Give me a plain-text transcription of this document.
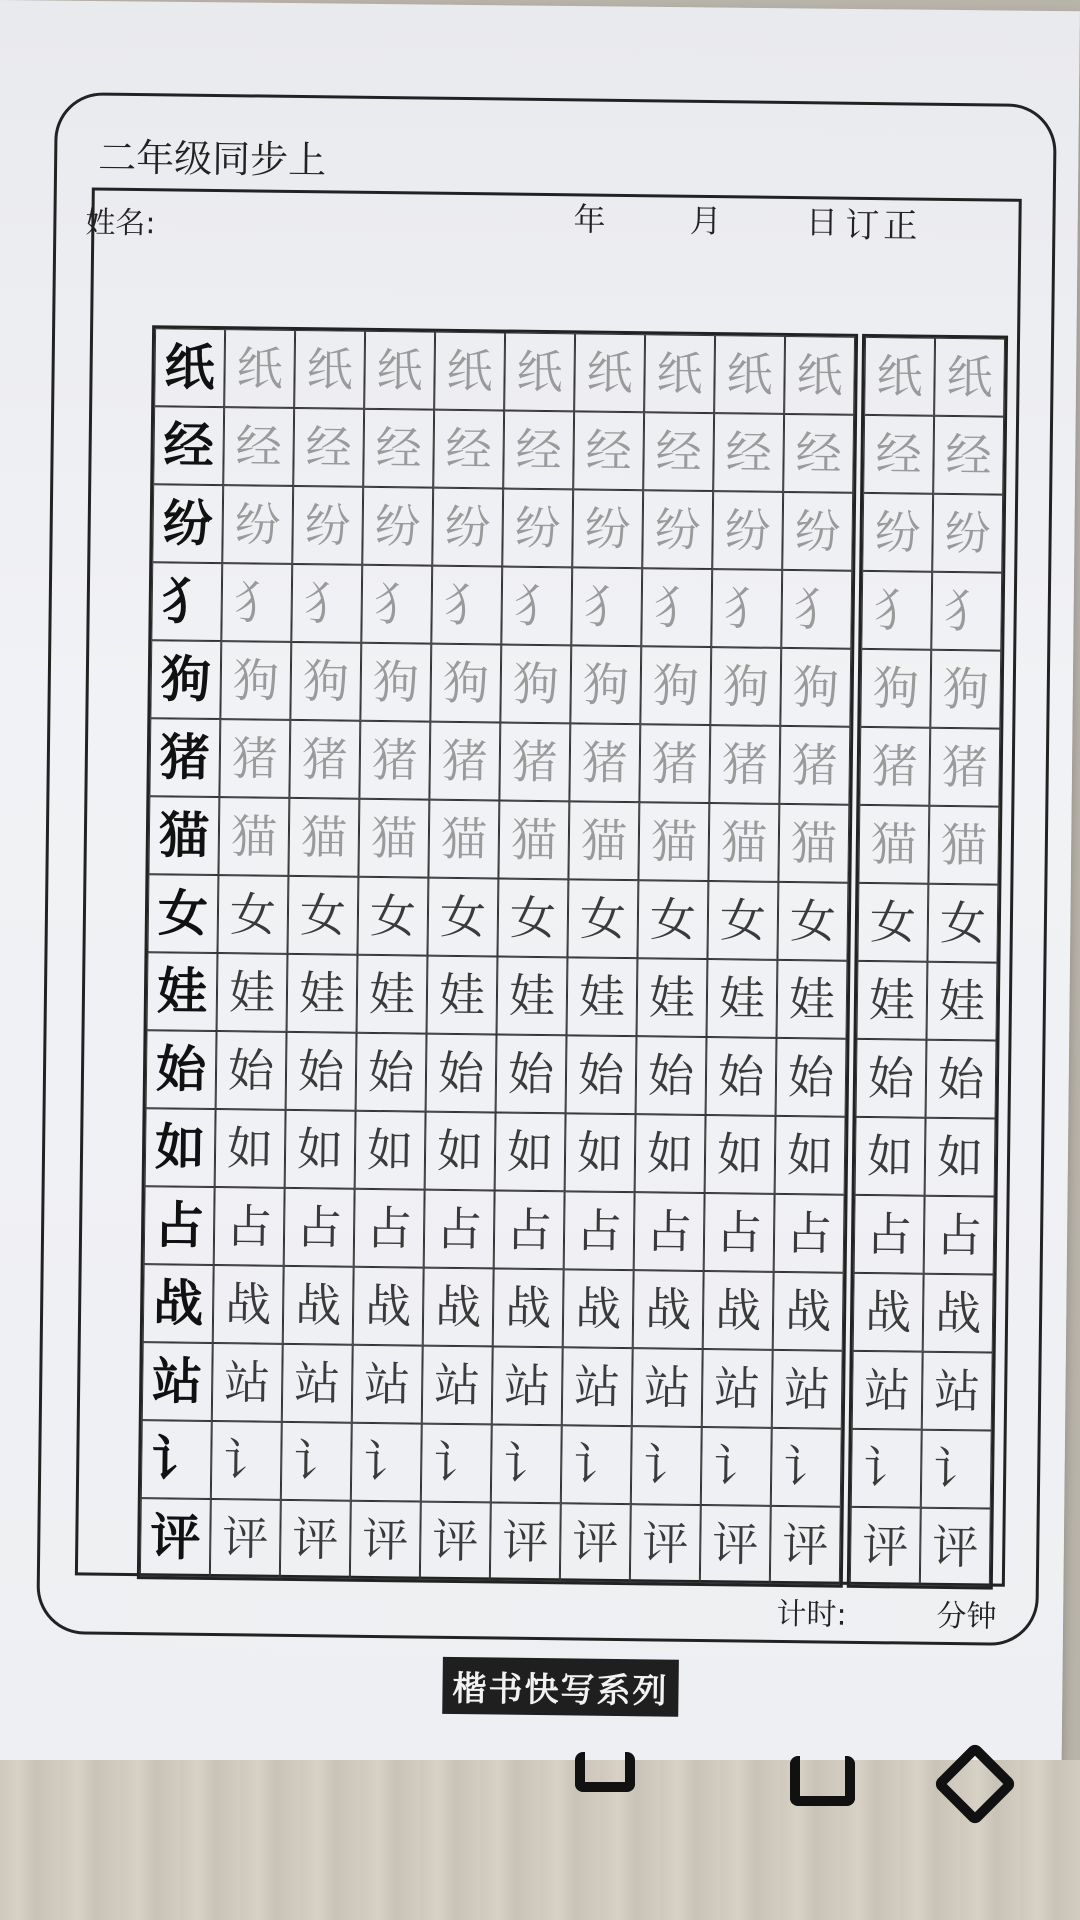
二年级同步上
姓名:	年	月	日 订正
纸 纸 纸 纸 纸 纸 纸 纸 纸 纸
经 经 经 经 经 经 经 经 经 经
纷 纷 纷 纷 纷 纷 纷 纷 纷 纷
犭 犭 犭 犭 犭 犭 犭 犭 犭 犭
狗 狗 狗 狗 狗 狗 狗 狗 狗 狗
猪 猪 猪 猪 猪 猪 猪 猪 猪 猪
猫 猫 猫 猫 猫 猫 猫 猫 猫 猫
女 女 女 女 女 女 女 女 女 女
娃 娃 娃 娃 娃 娃 娃 娃 娃 娃
始 始 始 始 始 始 始 始 始 始
如 如 如 如 如 如 如 如 如 如
占 占 占 占 占 占 占 占 占 占
战 战 战 战 战 战 战 战 战 战
站 站 站 站 站 站 站 站 站 站
讠 讠 讠 讠 讠 讠 讠 讠 讠 讠
评 评 评 评 评 评 评 评 评 评
纸 纸
经 经
纷 纷
犭 犭
狗 狗
猪 猪
猫 猫
女 女
娃 娃
始 始
如 如
占 占
战 战
站 站
讠 讠
评 评
计时:	分钟
楷书快写系列
